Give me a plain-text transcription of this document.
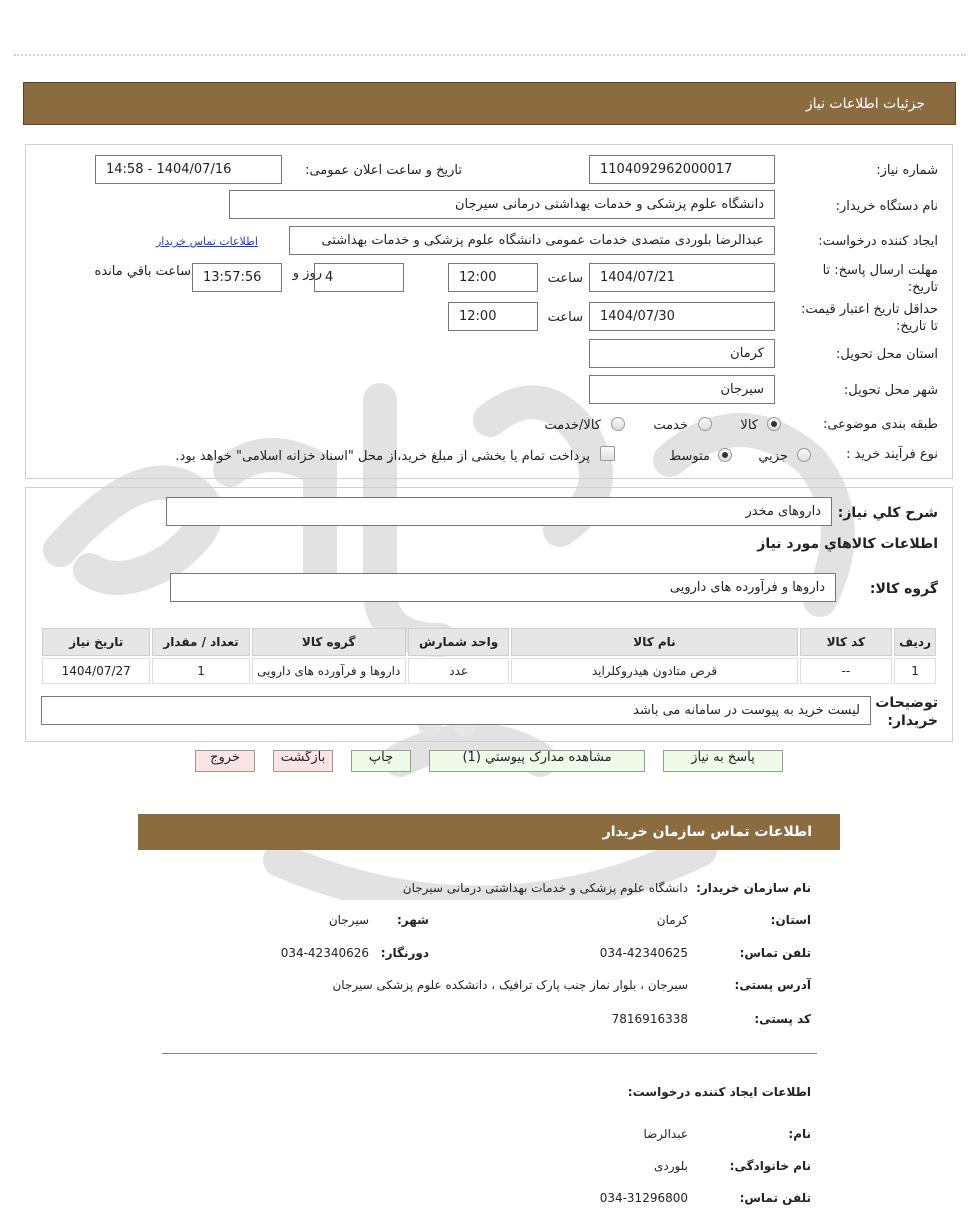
جزئیات اطلاعات نیاز
شماره نیاز:
1104092962000017
تاریخ و ساعت اعلان عمومی:
1404/07/16 - 14:58
نام دستگاه خریدار:
دانشگاه علوم پزشکی و خدمات بهداشتی درمانی سیرجان
ایجاد کننده درخواست:
عبدالرضا بلوردی متصدی خدمات عمومی دانشگاه علوم پزشکی و خدمات بهداشتی
اطلاعات تماس خریدار
مهلت ارسال پاسخ: تا
تاریخ:
1404/07/21
ساعت
12:00
4
روز و
13:57:56
ساعت باقي مانده
حداقل تاریخ اعتبار قیمت:
تا تاریخ:
1404/07/30
ساعت
12:00
استان محل تحویل:
کرمان
شهر محل تحویل:
سیرجان
طبقه بندی موضوعی:
کالا
خدمت
کالا/خدمت
نوع فرآیند خرید :
جزيي
متوسط
پرداخت تمام یا بخشی از مبلغ خرید،از محل "اسناد خزانه اسلامی" خواهد بود.
شرح کلي نیاز:
داروهای مخدر
اطلاعات کالاهاي مورد نیاز
گروه کالا:
داروها و فرآورده های دارویی
رديف	کد کالا	نام کالا	واحد شمارش	گروه کالا	تعداد / مقدار	تاریخ نیاز
1	--	قرص متادون هیدروکلراید	عدد	داروها و فرآورده های دارویی	1	1404/07/27
توضیحات
خریدار:
لیست خرید به پیوست در سامانه می باشد
پاسخ به نیاز
مشاهده مدارک پیوستي (1)
چاپ
بازگشت
خروج
اطلاعات تماس سازمان خریدار
نام سازمان خریدار:
دانشگاه علوم پزشکی و خدمات بهداشتی درمانی سیرجان
استان:
کرمان
شهر:
سیرجان
تلفن تماس:
034-42340625
دورنگار:
034-42340626
آدرس پستی:
سیرجان ، بلوار نماز جنب پارک ترافیک ، دانشکده علوم پزشکی سیرجان
کد پستی:
7816916338
اطلاعات ایجاد کننده درخواست:
نام:
عبدالرضا
نام خانوادگی:
بلوردی
تلفن تماس:
034-31296800
